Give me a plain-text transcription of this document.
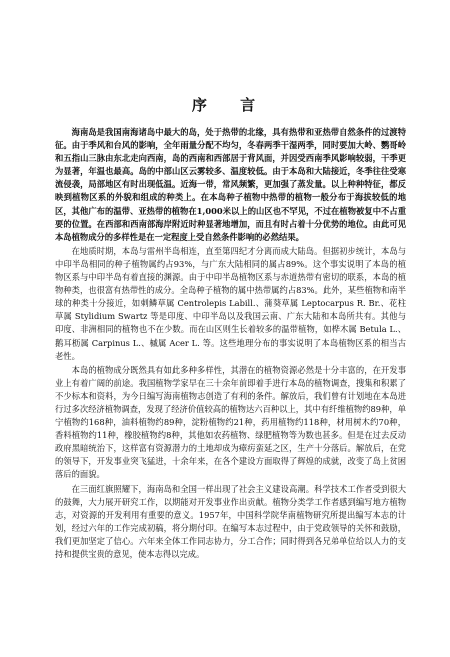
序 言

海南岛是我国南海诸岛中最大的岛，处于热带的北缘，具有热带和亚热带自然条件的过渡特征。由于季风和台风的影响，全年雨量分配不均匀，冬春两季干湿两季，同时要加大岭、鹦哥岭和五指山三脉由东北走向西南，岛的西南和西部居于背风面，并因受西南季风影响较弱，干季更为显著，年温也最高。岛的中部山区云雾较多、温度较低。由于本岛和大陆接近，冬季往往受寒流侵袭，局部地区有时出现低温。近海一带，常风频繁，更加强了蒸发量。以上种种特征，都反映到植物区系的外貌和组成的种类上。在本岛种子植物中热带的植物一般分布于海拔较低的地区，其他广布的温带、亚热带的植物在1,000米以上的山区也不罕见，不过在植物被复中不占重要的位置。在西部和西南部海岸附近时种显著地增加，而且有时占着十分优势的地位。由此可见本岛植物成分的多样性是在一定程度上受自然条件影响的必然结果。

在地质时期，本岛与雷州半岛相连，直至第四纪才分离而成大陆岛。但据初步统计，本岛与中印半岛相同的种子植物属约占93%，与广东大陆相同的属占89%。这个事实说明了本岛的植物区系与中印半岛有着直接的渊源。由于中印半岛植物区系与赤道热带有密切的联系，本岛的植物种类，也很富有热带性的成分。全岛种子植物的属中热带属约占83%。此外，某些植物和南半球的种类十分接近，如刺鳞草属 Centrolepis Labill.、蒲葵草属 Leptocarpus R. Br.、花柱草属 Stylidium Swartz 等是印度、中印半岛以及我国云南、广东大陆和本岛所共有。其他与印度、非洲相同的植物也不在少数。而在山区则生长着较多的温带植物，如桦木属 Betula L.、鹅耳枥属 Carpinus L.、槭属 Acer L. 等。这些地理分布的事实说明了本岛植物区系的相当古老性。

本岛的植物成分既然具有如此多种多样性，其潜在的植物资源必然是十分丰富的，在开发事业上有着广阔的前途。我国植物学家早在三十余年前即着手进行本岛的植物调查，搜集和积累了不少标本和资料，为今日编写海南植物志创造了有利的条件。解放后，我们曾有计划地在本岛进行过多次经济植物调查，发现了经济价值较高的植物达六百种以上，其中有纤维植物约89种，单宁植物约168种，油料植物约89种，淀粉植物约21种，药用植物约118种，材用树木约70种，香料植物约11种，橡胶植物约8种，其他如农药植物、绿肥植物等为数也甚多。但是在过去反动政府黑暗统治下，这样富有资源潜力的土地却成为瘴疠蛮延之区，生产十分落后。解放后，在党的领导下，开发事业突飞猛进，十余年来，在各个建设方面取得了辉煌的成就，改变了岛上贫困落后的面貌。

在三面红旗照耀下，海南岛和全国一样出现了社会主义建设高潮。科学技术工作者受到很大的鼓舞，大力展开研究工作，以期能对开发事业作出贡献。植物分类学工作者感到编写地方植物志，对资源的开发利用有重要的意义。1957年，中国科学院华南植物研究所提出编写本志的计划，经过六年的工作完成初稿，将分期付印。在编写本志过程中，由于党政领导的关怀和鼓励，我们更加坚定了信心。六年来全体工作同志协力，分工合作；同时得到各兄弟单位给以人力的支持和提供宝贵的意见，使本志得以完成。
